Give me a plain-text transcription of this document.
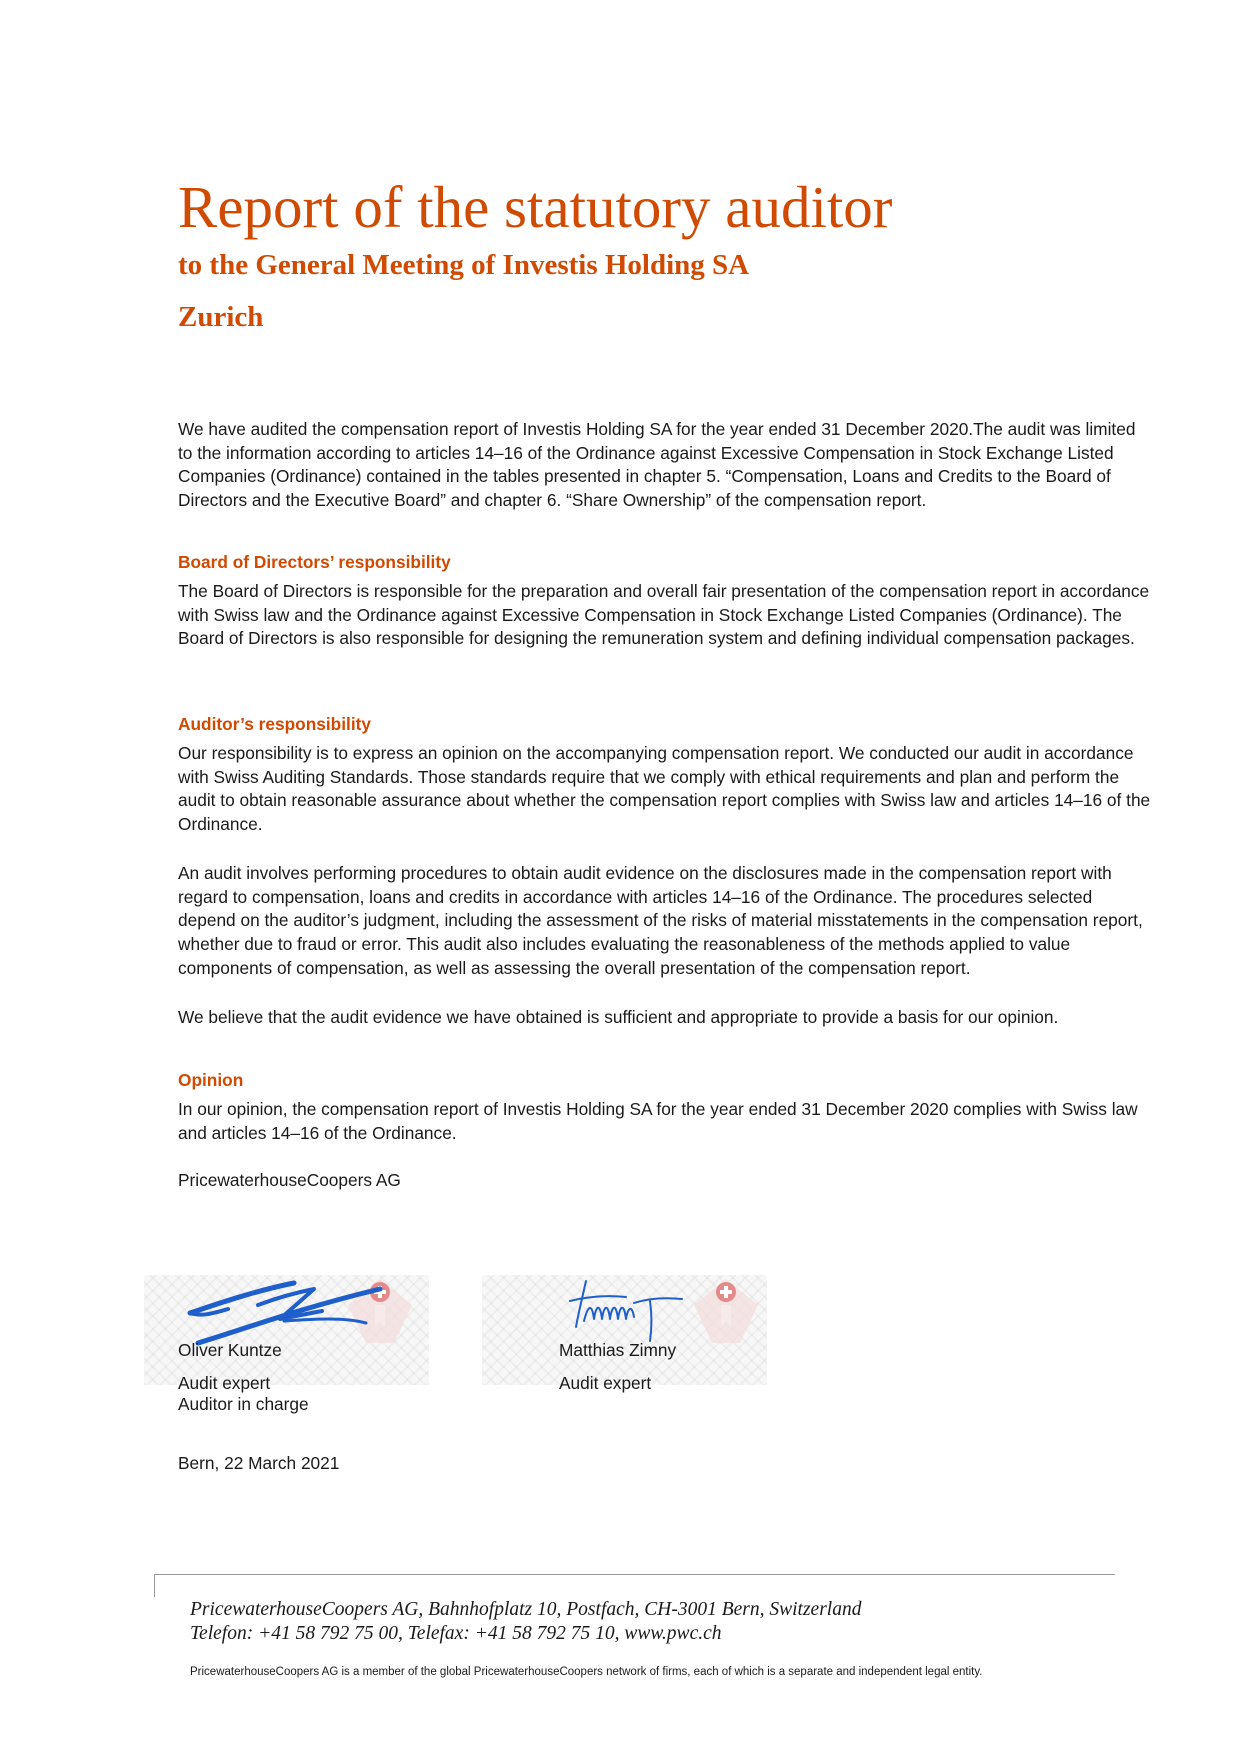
Report of the statutory auditor
to the General Meeting of Investis Holding SA
Zurich

We have audited the compensation report of Investis Holding SA for the year ended 31 December 2020.The audit was limited to the information according to articles 14–16 of the Ordinance against Excessive Compensation in Stock Exchange Listed Companies (Ordinance) contained in the tables presented in chapter 5. “Compensation, Loans and Credits to the Board of Directors and the Executive Board” and chapter 6. “Share Ownership” of the compensation report.

Board of Directors’ responsibility

The Board of Directors is responsible for the preparation and overall fair presentation of the compensation report in accordance with Swiss law and the Ordinance against Excessive Compensation in Stock Exchange Listed Companies (Ordinance). The Board of Directors is also responsible for designing the remuneration system and defining individual compensation packages.

Auditor’s responsibility

Our responsibility is to express an opinion on the accompanying compensation report. We conducted our audit in accordance with Swiss Auditing Standards. Those standards require that we comply with ethical requirements and plan and perform the audit to obtain reasonable assurance about whether the compensation report complies with Swiss law and articles 14–16 of the Ordinance.

An audit involves performing procedures to obtain audit evidence on the disclosures made in the compensation report with regard to compensation, loans and credits in accordance with articles 14–16 of the Ordinance. The procedures selected depend on the auditor’s judgment, including the assessment of the risks of material misstatements in the compensation report, whether due to fraud or error. This audit also includes evaluating the reasonableness of the methods applied to value components of compensation, as well as assessing the overall presentation of the compensation report.

We believe that the audit evidence we have obtained is sufficient and appropriate to provide a basis for our opinion.

Opinion

In our opinion, the compensation report of Investis Holding SA for the year ended 31 December 2020 complies with Swiss law and articles 14–16 of the Ordinance.

PricewaterhouseCoopers AG

Oliver Kuntze

Audit expert

Auditor in charge

Matthias Zimny

Audit expert

Bern, 22 March 2021

PricewaterhouseCoopers AG, Bahnhofplatz 10, Postfach, CH-3001 Bern, Switzerland

Telefon: +41 58 792 75 00, Telefax: +41 58 792 75 10, www.pwc.ch

PricewaterhouseCoopers AG is a member of the global PricewaterhouseCoopers network of firms, each of which is a separate and independent legal entity.
